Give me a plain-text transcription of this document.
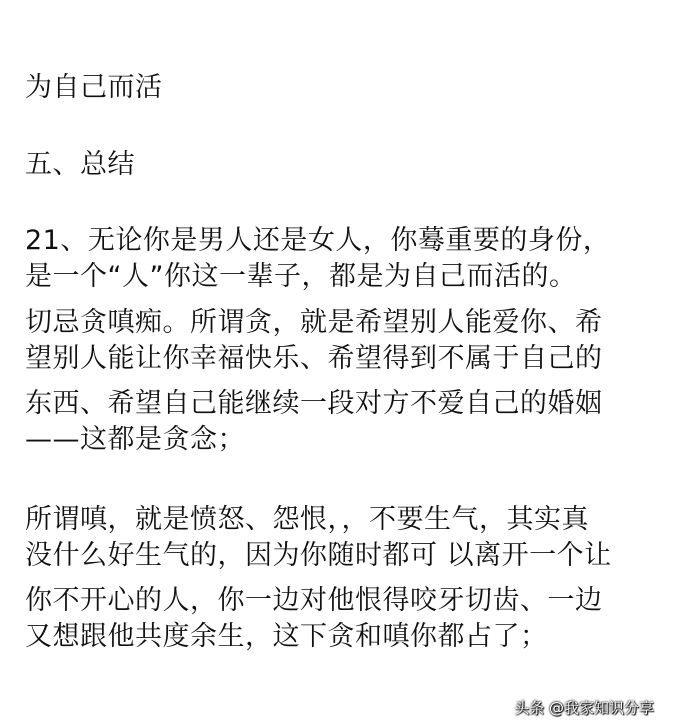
为自己而活
五、总结
21、无论你是男人还是女人，你蓦重要的身份，
是一个“人”你这一辈子，都是为自己而活的。
切忌贪嗔痴。所谓贪，就是希望别人能爱你、希
望别人能让你幸福快乐、希望得到不属于自己的
东西、希望自己能继续一段对方不爱自己的婚姻
——这都是贪念；
所谓嗔，就是愤怒、怨恨，，不要生气，其实真
没什么好生气的，因为你随时都可 以离开一个让
你不开心的人，你一边对他恨得咬牙切齿、一边
又想跟他共度余生，这下贪和嗔你都占了；
头条 @我家知识分享
